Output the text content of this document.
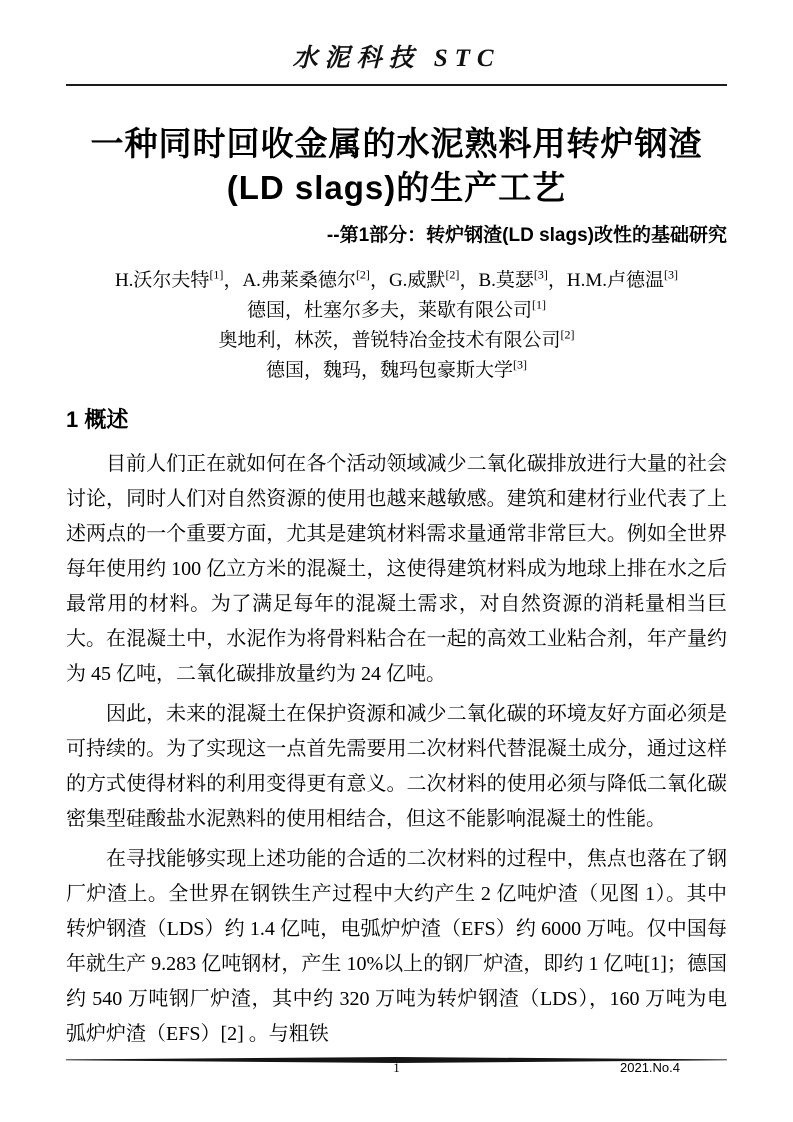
水泥科技 STC
一种同时回收金属的水泥熟料用转炉钢渣
(LD slags)的生产工艺
--第1部分：转炉钢渣(LD slags)改性的基础研究
H.沃尔夫特[1]，A.弗莱桑德尔[2]，G.威默[2]，B.莫瑟[3]，H.M.卢德温[3]
德国，杜塞尔多夫，莱歇有限公司[1]
奥地利，林茨，普锐特冶金技术有限公司[2]
德国，魏玛，魏玛包豪斯大学[3]
1 概述

目前人们正在就如何在各个活动领域减少二氧化碳排放进行大量的社会讨论，同时人们对自然资源的使用也越来越敏感。建筑和建材行业代表了上述两点的一个重要方面，尤其是建筑材料需求量通常非常巨大。例如全世界每年使用约 100 亿立方米的混凝土，这使得建筑材料成为地球上排在水之后最常用的材料。为了满足每年的混凝土需求，对自然资源的消耗量相当巨大。在混凝土中，水泥作为将骨料粘合在一起的高效工业粘合剂，年产量约为 45 亿吨，二氧化碳排放量约为 24 亿吨。

因此，未来的混凝土在保护资源和减少二氧化碳的环境友好方面必须是可持续的。为了实现这一点首先需要用二次材料代替混凝土成分，通过这样的方式使得材料的利用变得更有意义。二次材料的使用必须与降低二氧化碳密集型硅酸盐水泥熟料的使用相结合，但这不能影响混凝土的性能。

在寻找能够实现上述功能的合适的二次材料的过程中，焦点也落在了钢厂炉渣上。全世界在钢铁生产过程中大约产生 2 亿吨炉渣（见图 1）。其中转炉钢渣（LDS）约 1.4 亿吨，电弧炉炉渣（EFS）约 6000 万吨。仅中国每年就生产 9.283 亿吨钢材，产生 10%以上的钢厂炉渣，即约 1 亿吨[1]；德国约 540 万吨钢厂炉渣，其中约 320 万吨为转炉钢渣（LDS），160 万吨为电弧炉炉渣（EFS）[2] 。与粗铁

1	2021.No.4
